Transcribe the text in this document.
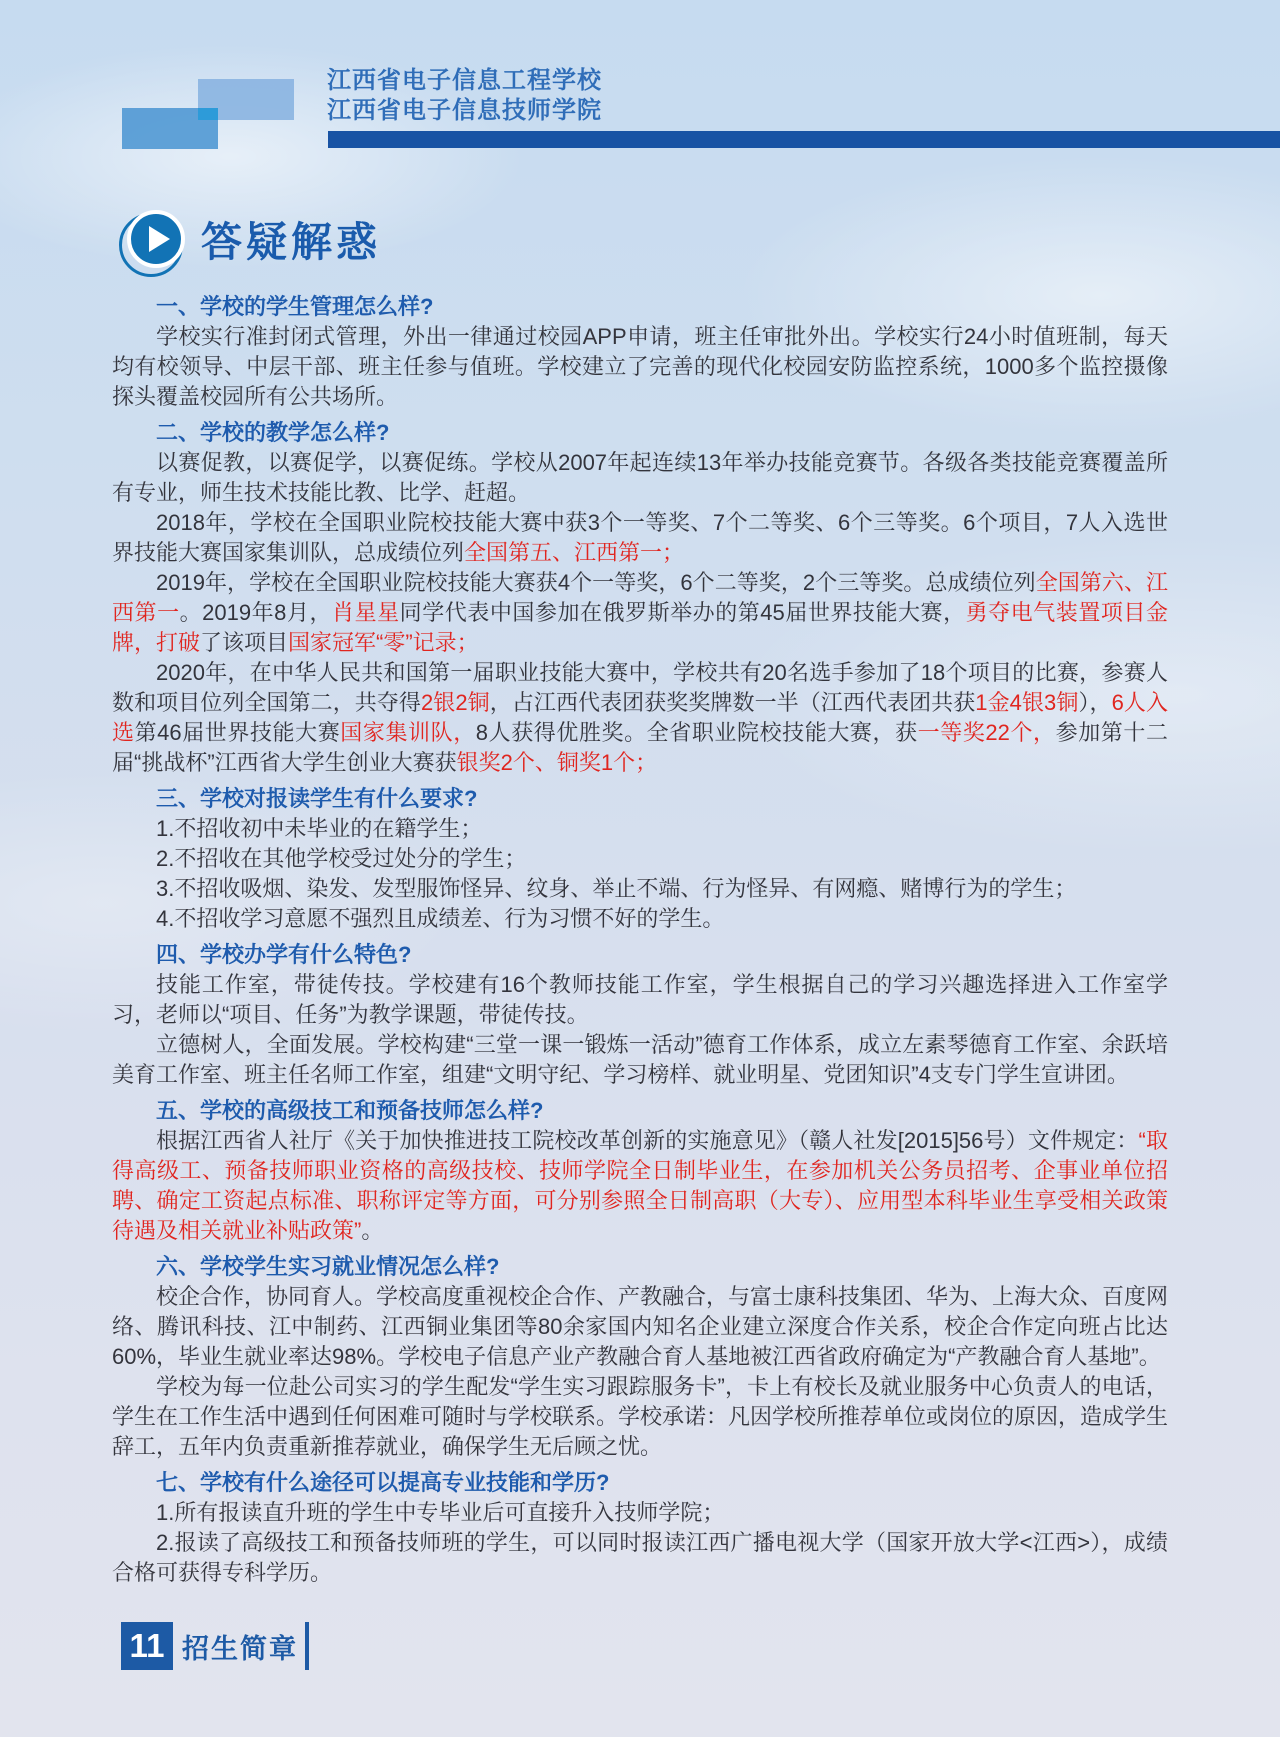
江西省电子信息工程学校
江西省电子信息技师学院
答疑解惑

一、学校的学生管理怎么样?

学校实行准封闭式管理，外出一律通过校园APP申请，班主任审批外出。学校实行24小时值班制，每天均有校领导、中层干部、班主任参与值班。学校建立了完善的现代化校园安防监控系统，1000多个监控摄像探头覆盖校园所有公共场所。

二、学校的教学怎么样?

以赛促教，以赛促学，以赛促练。学校从2007年起连续13年举办技能竞赛节。各级各类技能竞赛覆盖所有专业，师生技术技能比教、比学、赶超。

2018年，学校在全国职业院校技能大赛中获3个一等奖、7个二等奖、6个三等奖。6个项目，7人入选世界技能大赛国家集训队，总成绩位列全国第五、江西第一；

2019年，学校在全国职业院校技能大赛获4个一等奖，6个二等奖，2个三等奖。总成绩位列全国第六、江西第一。2019年8月，肖星星同学代表中国参加在俄罗斯举办的第45届世界技能大赛，勇夺电气装置项目金牌，打破了该项目国家冠军“零”记录；

2020年，在中华人民共和国第一届职业技能大赛中，学校共有20名选手参加了18个项目的比赛，参赛人数和项目位列全国第二，共夺得2银2铜，占江西代表团获奖奖牌数一半（江西代表团共获1金4银3铜），6人入选第46届世界技能大赛国家集训队，8人获得优胜奖。全省职业院校技能大赛，获一等奖22个，参加第十二届“挑战杯”江西省大学生创业大赛获银奖2个、铜奖1个；

三、学校对报读学生有什么要求?

1.不招收初中未毕业的在籍学生；

2.不招收在其他学校受过处分的学生；

3.不招收吸烟、染发、发型服饰怪异、纹身、举止不端、行为怪异、有网瘾、赌博行为的学生；

4.不招收学习意愿不强烈且成绩差、行为习惯不好的学生。

四、学校办学有什么特色?

技能工作室，带徒传技。学校建有16个教师技能工作室，学生根据自己的学习兴趣选择进入工作室学习，老师以“项目、任务”为教学课题，带徒传技。

立德树人，全面发展。学校构建“三堂一课一锻炼一活动”德育工作体系，成立左素琴德育工作室、余跃培美育工作室、班主任名师工作室，组建“文明守纪、学习榜样、就业明星、党团知识”4支专门学生宣讲团。

五、学校的高级技工和预备技师怎么样?

根据江西省人社厅《关于加快推进技工院校改革创新的实施意见》（赣人社发[2015]56号）文件规定：“取得高级工、预备技师职业资格的高级技校、技师学院全日制毕业生，在参加机关公务员招考、企事业单位招聘、确定工资起点标准、职称评定等方面，可分别参照全日制高职（大专）、应用型本科毕业生享受相关政策待遇及相关就业补贴政策”。

六、学校学生实习就业情况怎么样?

校企合作，协同育人。学校高度重视校企合作、产教融合，与富士康科技集团、华为、上海大众、百度网络、腾讯科技、江中制药、江西铜业集团等80余家国内知名企业建立深度合作关系，校企合作定向班占比达60%，毕业生就业率达98%。学校电子信息产业产教融合育人基地被江西省政府确定为“产教融合育人基地”。

学校为每一位赴公司实习的学生配发“学生实习跟踪服务卡”，卡上有校长及就业服务中心负责人的电话，学生在工作生活中遇到任何困难可随时与学校联系。学校承诺：凡因学校所推荐单位或岗位的原因，造成学生辞工，五年内负责重新推荐就业，确保学生无后顾之忧。

七、学校有什么途径可以提高专业技能和学历?

1.所有报读直升班的学生中专毕业后可直接升入技师学院；

2.报读了高级技工和预备技师班的学生，可以同时报读江西广播电视大学（国家开放大学<江西>），成绩合格可获得专科学历。

11 招生简章
